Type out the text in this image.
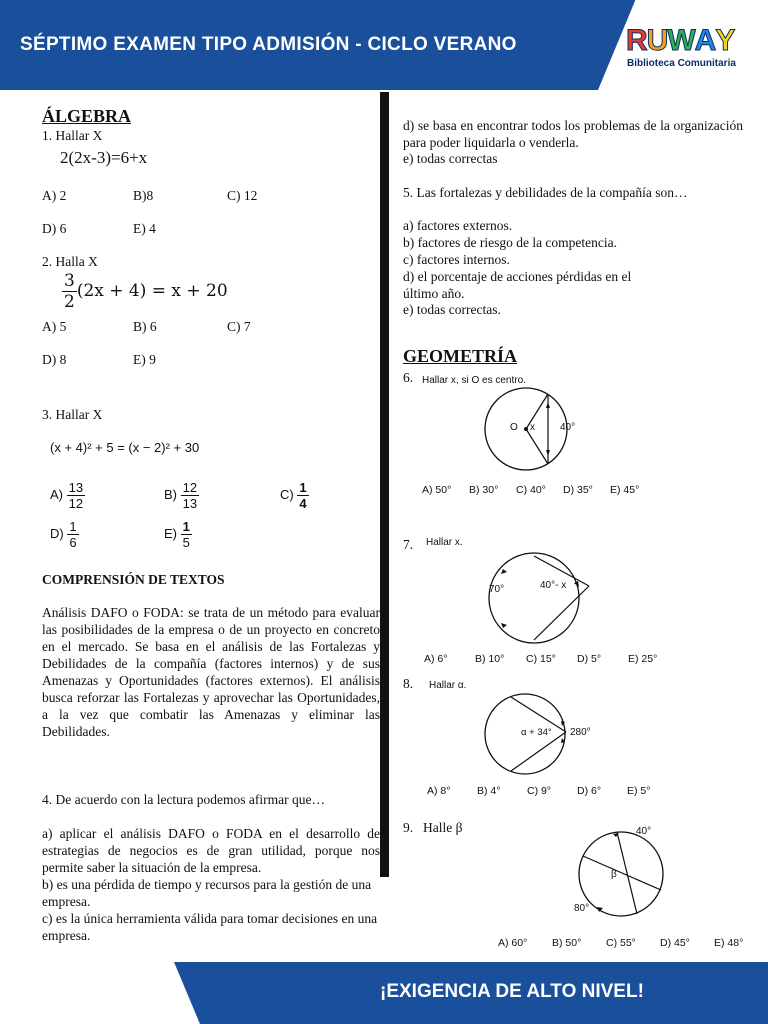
SÉPTIMO EXAMEN TIPO ADMISIÓN - CICLO VERANO	RUWAY
Biblioteca Comunitaria
ÁLGEBRA
1. Hallar X
2(2x-3)=6+x
A) 2	B)8	C) 12
D) 6	E) 4
2. Halla X
$\frac{3}{2} (2x + 4) = x + 20$
A) 5	B) 6	C) 7
D) 8	E) 9
3. Hallar X
(x + 4)² + 5 = (x − 2)² + 30
$A) \frac{13}{12}$	$B) \frac{12}{13}$	$C) \frac{1}{4}$
$D) \frac{1}{6}$	$E) \frac{1}{5}$
COMPRENSIÓN DE TEXTOS
Análisis DAFO o FODA: se trata de un método para evaluar las posibilidades de la empresa o de un proyecto en concreto en el mercado. Se basa en el análisis de las Fortalezas y Debilidades de la compañía (factores internos) y de sus Amenazas y Oportunidades (factores externos). El análisis busca reforzar las Fortalezas y aprovechar las Oportunidades, a la vez que combatir las Amenazas y eliminar las Debilidades.
4. De acuerdo con la lectura podemos afirmar que…
a) aplicar el análisis DAFO o FODA en el desarrollo de estrategias de negocios es de gran utilidad, porque nos permite saber la situación de la empresa.
b) es una pérdida de tiempo y recursos para la gestión de una empresa.
c) es la única herramienta válida para tomar decisiones en una empresa.
d) se basa en encontrar todos los problemas de la organización para poder liquidarla o venderla.
e) todas correctas
5. Las fortalezas y debilidades de la compañía son…
a) factores externos.
b) factores de riesgo de la competencia.
c) factores internos.
d) el porcentaje de acciones pérdidas en el
último año.
e) todas correctas.
GEOMETRÍA
6. Hallar x, si O es centro.
O x	40°
A) 50° B) 30° C) 40° D) 35° E) 45°
7. Hallar x.
70°	40°- x
A) 6°	B) 10° C) 15° D) 5°	E) 25°
8. Hallar α.
α + 34° 280°
A) 8°	B) 4°	C) 9° D) 6° E) 5°
9. Halle β	40°
β
80°
A) 60° B) 50° C) 55° D) 45° E) 48°
¡EXIGENCIA DE ALTO NIVEL!
